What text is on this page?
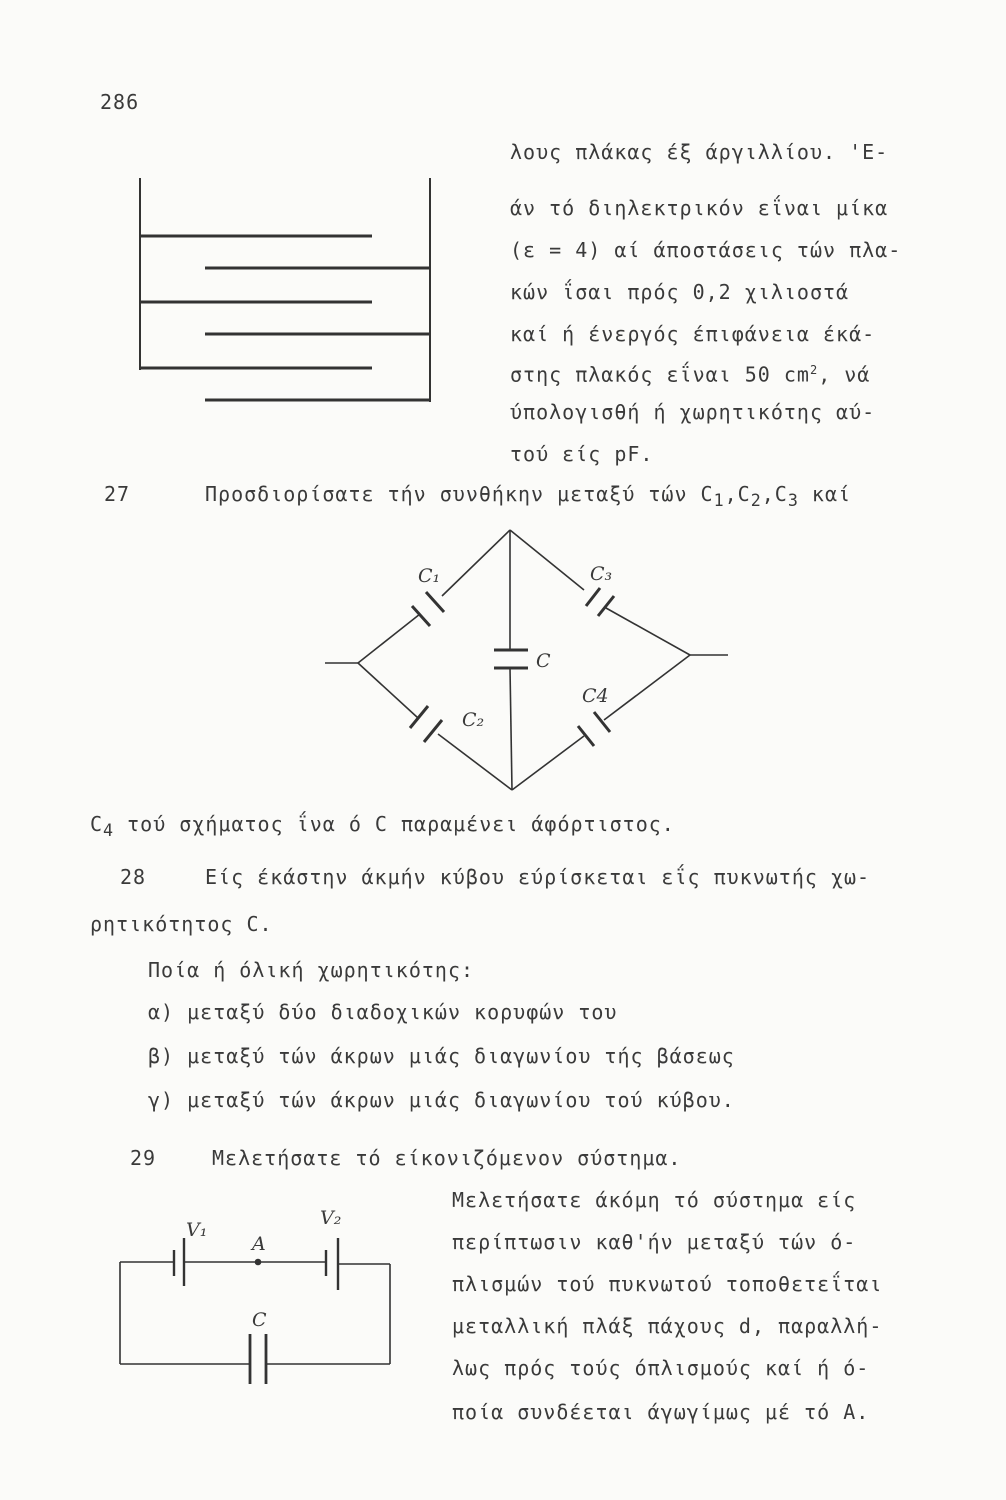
286
λους πλάκας έξ άργιλλίου. 'Ε-
άν τό διηλεκτρικόν εΐναι μίκα
(ε = 4) αί άποστάσεις τών πλα-
κών ΐσαι πρός 0,2 χιλιοστά
καί ή ένεργός έπιφάνεια έκά-
στης πλακός εΐναι 50 $cm^2$, νά
ύπολογισθή ή χωρητικότης αύ-
τού είς pF.
27	Προσδιορίσατε τήν συνθήκην μεταξύ τών $C_1,C_2,C_3$ καί
$C_4$ τού σχήματος ΐνα ό C παραμένει άφόρτιστος.
28	Είς έκάστην άκμήν κύβου εύρίσκεται εΐς πυκνωτής χω-
ρητικότητος C.
Ποία ή όλική χωρητικότης:
α) μεταξύ δύο διαδοχικών κορυφών του
β) μεταξύ τών άκρων μιάς διαγωνίου τής βάσεως
γ) μεταξύ τών άκρων μιάς διαγωνίου τού κύβου.
29	Μελετήσατε τό είκονιζόμενον σύστημα.
Μελετήσατε άκόμη τό σύστημα είς
περίπτωσιν καθ'ήν μεταξύ τών ό-
πλισμών τού πυκνωτού τοποθετεΐται
μεταλλική πλάξ πάχους d, παραλλή-
λως πρός τούς όπλισμούς καί ή ό-
ποία συνδέεται άγωγίμως μέ τό Α.
C₁	C₃
C
C4
C₂
V₁
V₂
A
C
